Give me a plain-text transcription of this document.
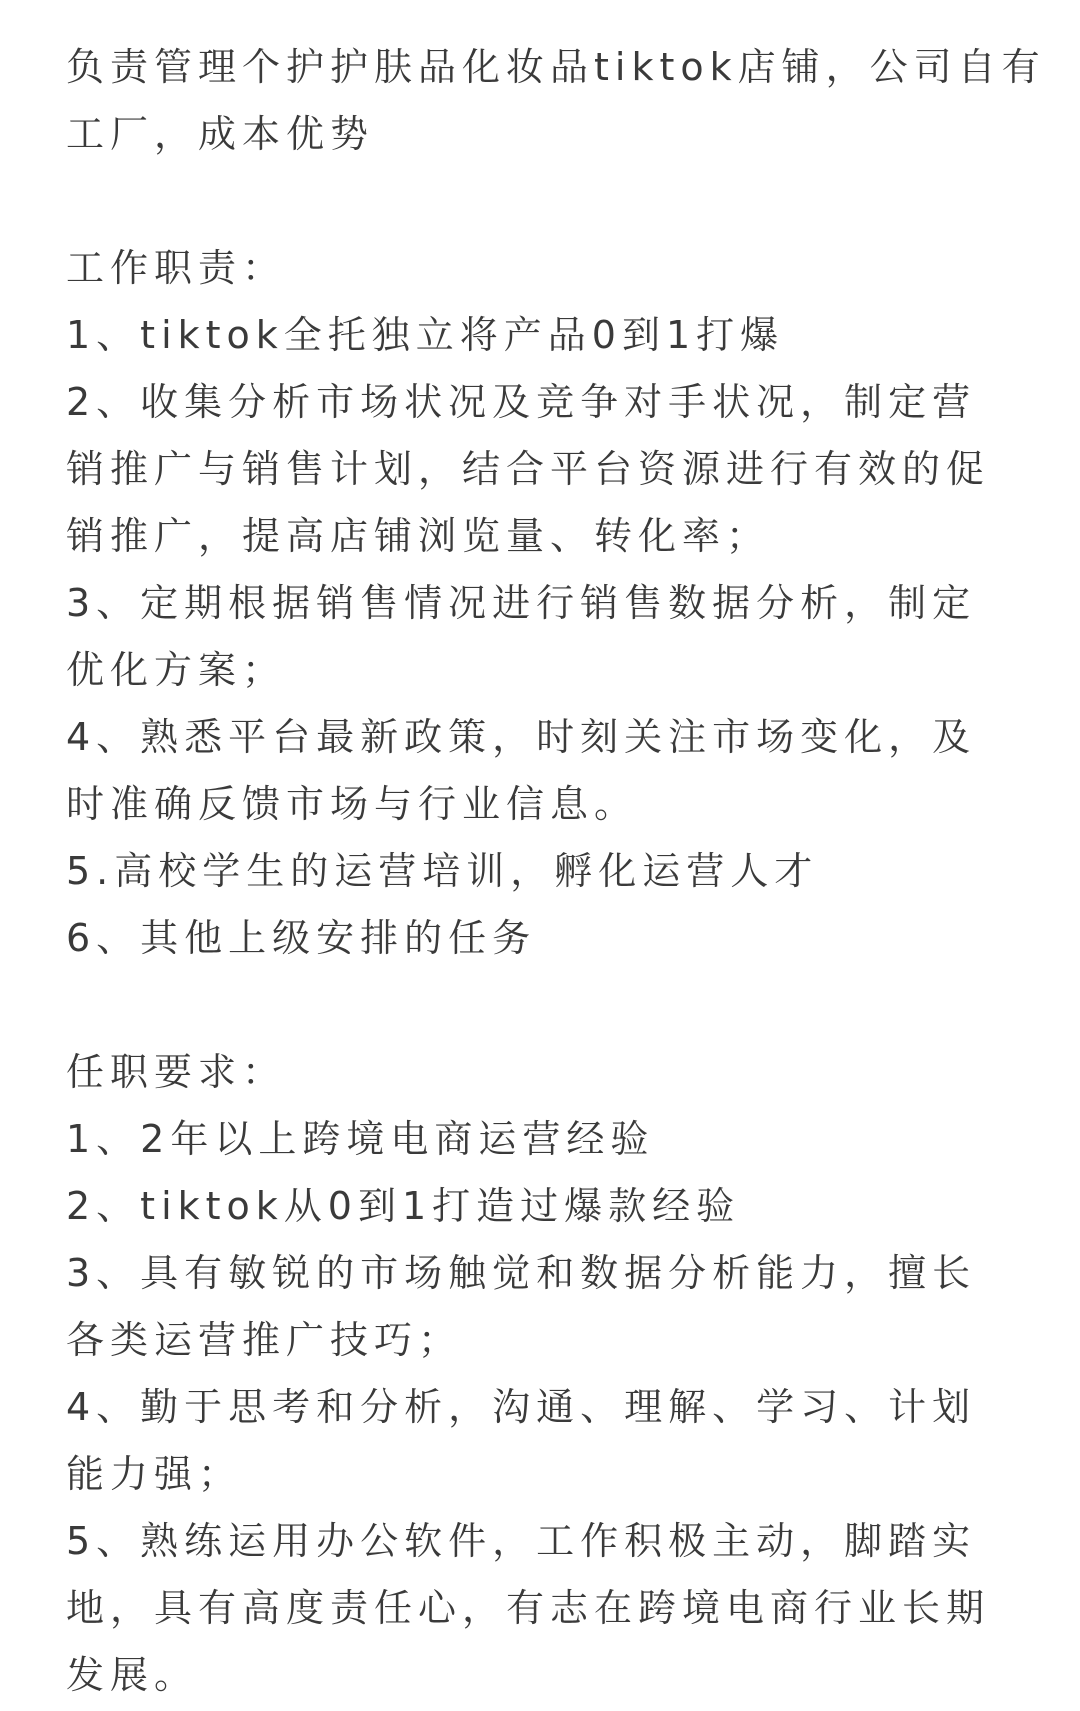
负责管理个护护肤品化妆品tiktok店铺，公司自有
工厂，成本优势
工作职责：
1、tiktok全托独立将产品0到1打爆
2、收集分析市场状况及竞争对手状况，制定营
销推广与销售计划，结合平台资源进行有效的促
销推广，提高店铺浏览量、转化率；
3、定期根据销售情况进行销售数据分析，制定
优化方案；
4、熟悉平台最新政策，时刻关注市场变化，及
时准确反馈市场与行业信息。
5.高校学生的运营培训，孵化运营人才
6、其他上级安排的任务
任职要求：
1、2年以上跨境电商运营经验
2、tiktok从0到1打造过爆款经验
3、具有敏锐的市场触觉和数据分析能力，擅长
各类运营推广技巧；
4、勤于思考和分析，沟通、理解、学习、计划
能力强；
5、熟练运用办公软件，工作积极主动，脚踏实
地，具有高度责任心，有志在跨境电商行业长期
发展。
